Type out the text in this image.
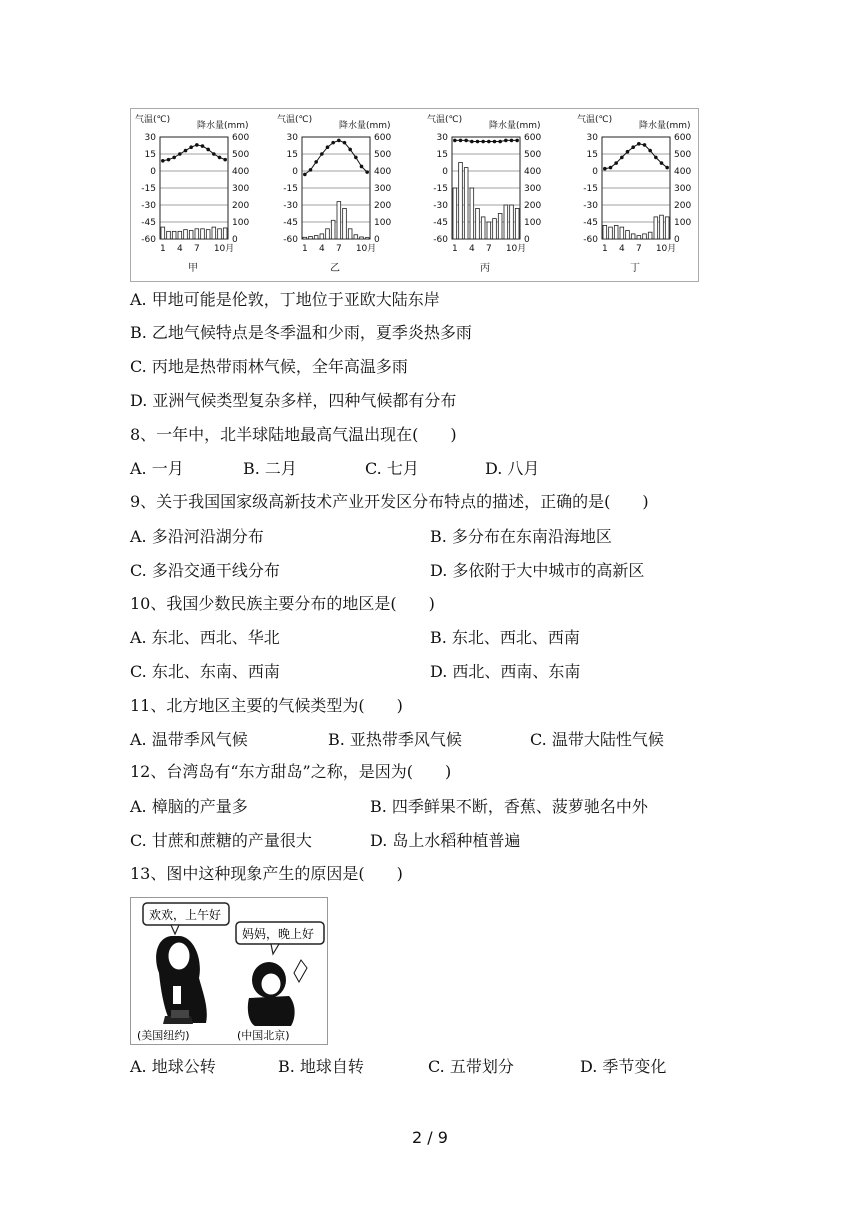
气温(℃)
降水量(mm)
30	600
15	500
0	400
-15	300
-30	200
-45	100
-60	0
1 4 7 10月
甲
气温(℃)
降水量(mm)
30	600
15	500
0	400
-15	300
-30	200
-45	100
-60	0
1 4 7 10月
乙
气温(℃)
降水量(mm)
30	600
15	500
0	400
-15	300
-30	200
-45	100
-60	0
1 4 7 10月
丙
气温(℃)
降水量(mm)
30	600
15	500
0	400
-15	300
-30	200
-45	100
-60	0
1 4 7 10月
丁
A. 甲地可能是伦敦，丁地位于亚欧大陆东岸
B. 乙地气候特点是冬季温和少雨，夏季炎热多雨
C. 丙地是热带雨林气候，全年高温多雨
D. 亚洲气候类型复杂多样，四种气候都有分布
8、一年中，北半球陆地最高气温出现在(　　)
A. 一月	B. 二月	C. 七月	D. 八月
9、关于我国国家级高新技术产业开发区分布特点的描述，正确的是(　　)
A. 多沿河沿湖分布	B. 多分布在东南沿海地区
C. 多沿交通干线分布	D. 多依附于大中城市的高新区
10、我国少数民族主要分布的地区是(　　)
A. 东北、西北、华北	B. 东北、西北、西南
C. 东北、东南、西南	D. 西北、西南、东南
11、北方地区主要的气候类型为(　　)
A. 温带季风气候	B. 亚热带季风气候	C. 温带大陆性气候
12、台湾岛有“东方甜岛”之称，是因为(　　)
A. 樟脑的产量多	B. 四季鲜果不断，香蕉、菠萝驰名中外
C. 甘蔗和蔗糖的产量很大	D. 岛上水稻种植普遍
13、图中这种现象产生的原因是(　　)
欢欢，上午好
妈妈，晚上好
(美国纽约)	(中国北京)
A. 地球公转	B. 地球自转	C. 五带划分	D. 季节变化
2 / 9
